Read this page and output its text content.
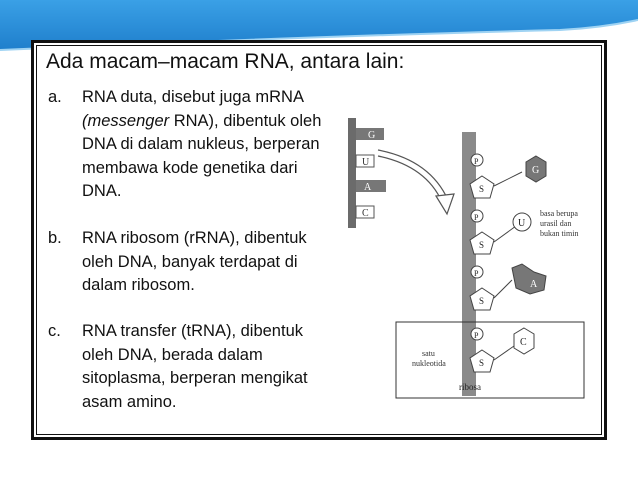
Ada macam–macam RNA, antara lain:
a. RNA duta, disebut juga mRNA
(messenger RNA), dibentuk oleh
DNA di dalam nukleus, berperan
membawa kode genetika dari
DNA.
b. RNA ribosom (rRNA), dibentuk
oleh DNA, banyak terdapat di
dalam ribosom.
c. RNA transfer (tRNA), dibentuk
oleh DNA, berada dalam
sitoplasma, berperan mengikat
asam amino.
G
U
A
C
P
S
G
P
S
U
P
S
A
P
S
C
satu
nukleotida
ribosa
basa berupa
urasil dan
bukan timin
